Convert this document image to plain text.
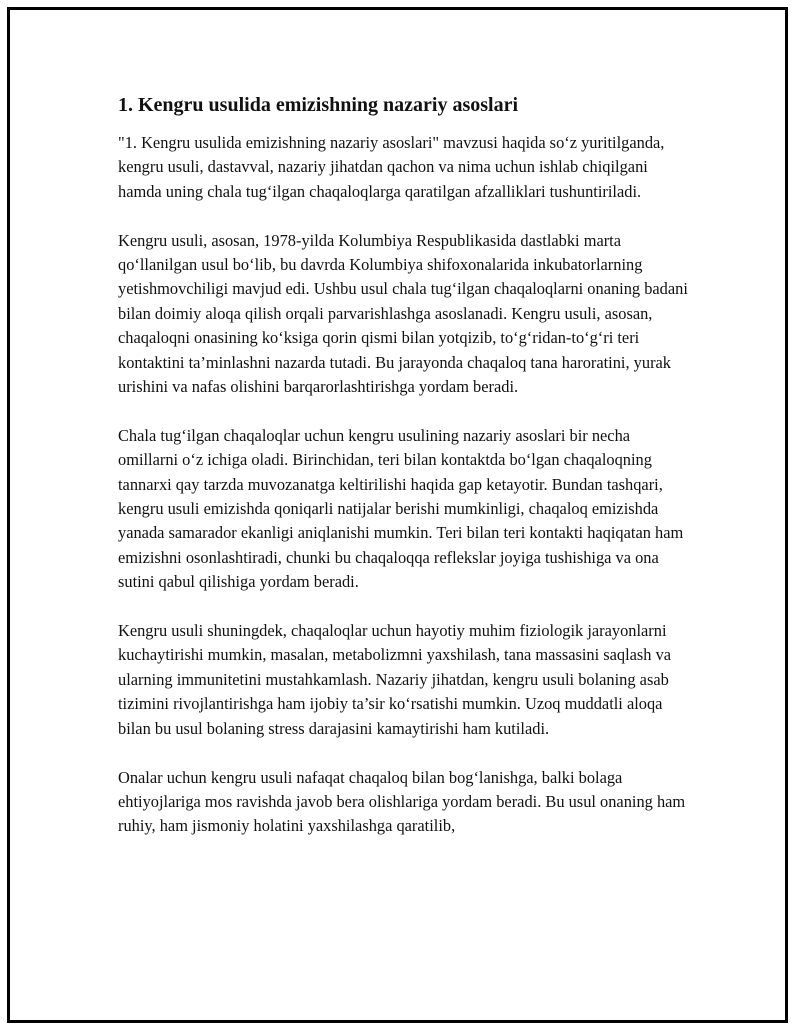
1. Kengru usulida emizishning nazariy asoslari

"1. Kengru usulida emizishning nazariy asoslari" mavzusi haqida so‘z yuritilganda, kengru usuli, dastavval, nazariy jihatdan qachon va nima uchun ishlab chiqilgani hamda uning chala tug‘ilgan chaqaloqlarga qaratilgan afzalliklari tushuntiriladi.

Kengru usuli, asosan, 1978-yilda Kolumbiya Respublikasida dastlabki marta qo‘llanilgan usul bo‘lib, bu davrda Kolumbiya shifoxonalarida inkubatorlarning yetishmovchiligi mavjud edi. Ushbu usul chala tug‘ilgan chaqaloqlarni onaning badani bilan doimiy aloqa qilish orqali parvarishlashga asoslanadi. Kengru usuli, asosan, chaqaloqni onasining ko‘ksiga qorin qismi bilan yotqizib, to‘g‘ridan-to‘g‘ri teri kontaktini ta’minlashni nazarda tutadi. Bu jarayonda chaqaloq tana haroratini, yurak urishini va nafas olishini barqarorlashtirishga yordam beradi.

Chala tug‘ilgan chaqaloqlar uchun kengru usulining nazariy asoslari bir necha omillarni o‘z ichiga oladi. Birinchidan, teri bilan kontaktda bo‘lgan chaqaloqning tannarxi qay tarzda muvozanatga keltirilishi haqida gap ketayotir. Bundan tashqari, kengru usuli emizishda qoniqarli natijalar berishi mumkinligi, chaqaloq emizishda yanada samarador ekanligi aniqlanishi mumkin. Teri bilan teri kontakti haqiqatan ham emizishni osonlashtiradi, chunki bu chaqaloqqa reflekslar joyiga tushishiga va ona sutini qabul qilishiga yordam beradi.

Kengru usuli shuningdek, chaqaloqlar uchun hayotiy muhim fiziologik jarayonlarni kuchaytirishi mumkin, masalan, metabolizmni yaxshilash, tana massasini saqlash va ularning immunitetini mustahkamlash. Nazariy jihatdan, kengru usuli bolaning asab tizimini rivojlantirishga ham ijobiy ta’sir ko‘rsatishi mumkin. Uzoq muddatli aloqa bilan bu usul bolaning stress darajasini kamaytirishi ham kutiladi.

Onalar uchun kengru usuli nafaqat chaqaloq bilan bog‘lanishga, balki bolaga ehtiyojlariga mos ravishda javob bera olishlariga yordam beradi. Bu usul onaning ham ruhiy, ham jismoniy holatini yaxshilashga qaratilib,
